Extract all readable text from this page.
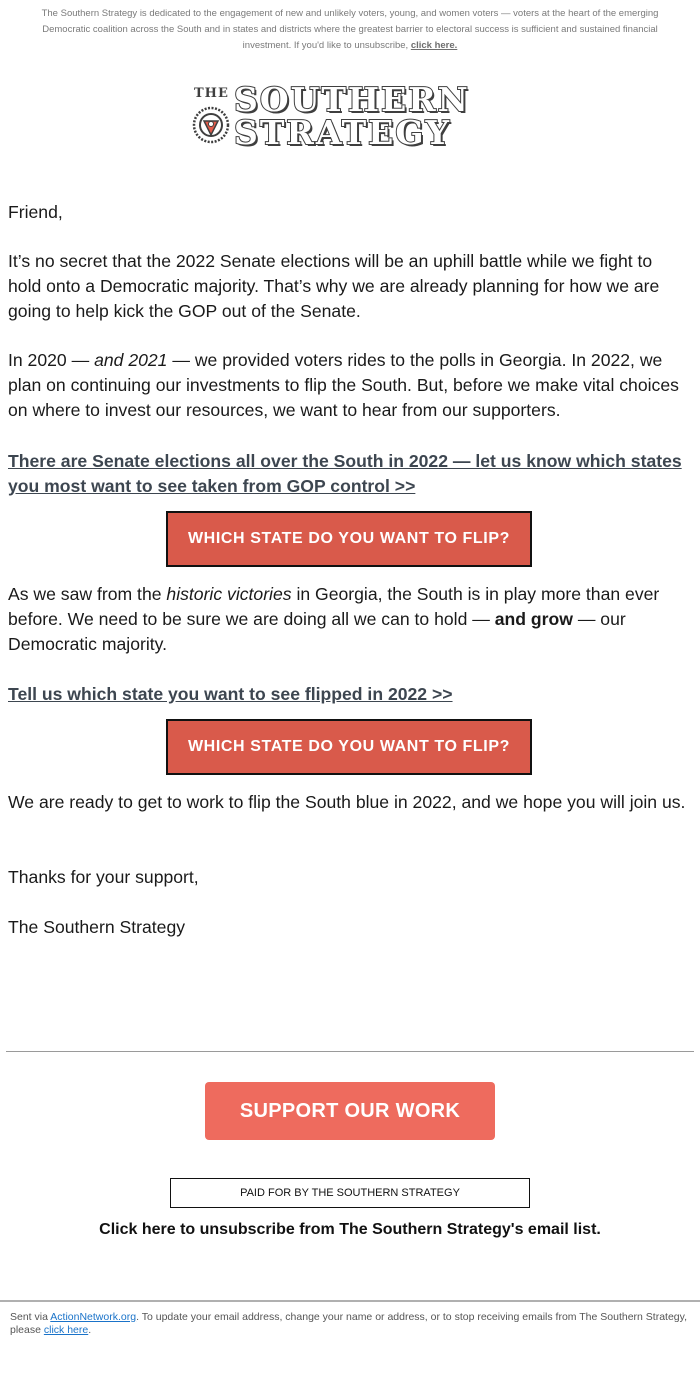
The Southern Strategy is dedicated to the engagement of new and unlikely voters, young, and women voters — voters at the heart of the emerging Democratic coalition across the South and in states and districts where the greatest barrier to electoral success is sufficient and sustained financial investment. If you'd like to unsubscribe, click here.
THE SOUTHERN
STRATEGY
Friend,
It’s no secret that the 2022 Senate elections will be an uphill battle while we fight to hold onto a Democratic majority. That’s why we are already planning for how we are going to help kick the GOP out of the Senate.
In 2020 — and 2021 — we provided voters rides to the polls in Georgia. In 2022, we plan on continuing our investments to flip the South. But, before we make vital choices on where to invest our resources, we want to hear from our supporters.
There are Senate elections all over the South in 2022 — let us know which states you most want to see taken from GOP control >>
WHICH STATE DO YOU WANT TO FLIP?
As we saw from the historic victories in Georgia, the South is in play more than ever before. We need to be sure we are doing all we can to hold — and grow — our Democratic majority.
Tell us which state you want to see flipped in 2022 >>
WHICH STATE DO YOU WANT TO FLIP?
We are ready to get to work to flip the South blue in 2022, and we hope you will join us.
Thanks for your support,
The Southern Strategy
SUPPORT OUR WORK
PAID FOR BY THE SOUTHERN STRATEGY
Click here to unsubscribe from The Southern Strategy's email list.
Sent via ActionNetwork.org. To update your email address, change your name or address, or to stop receiving emails from The Southern Strategy, please click here.
